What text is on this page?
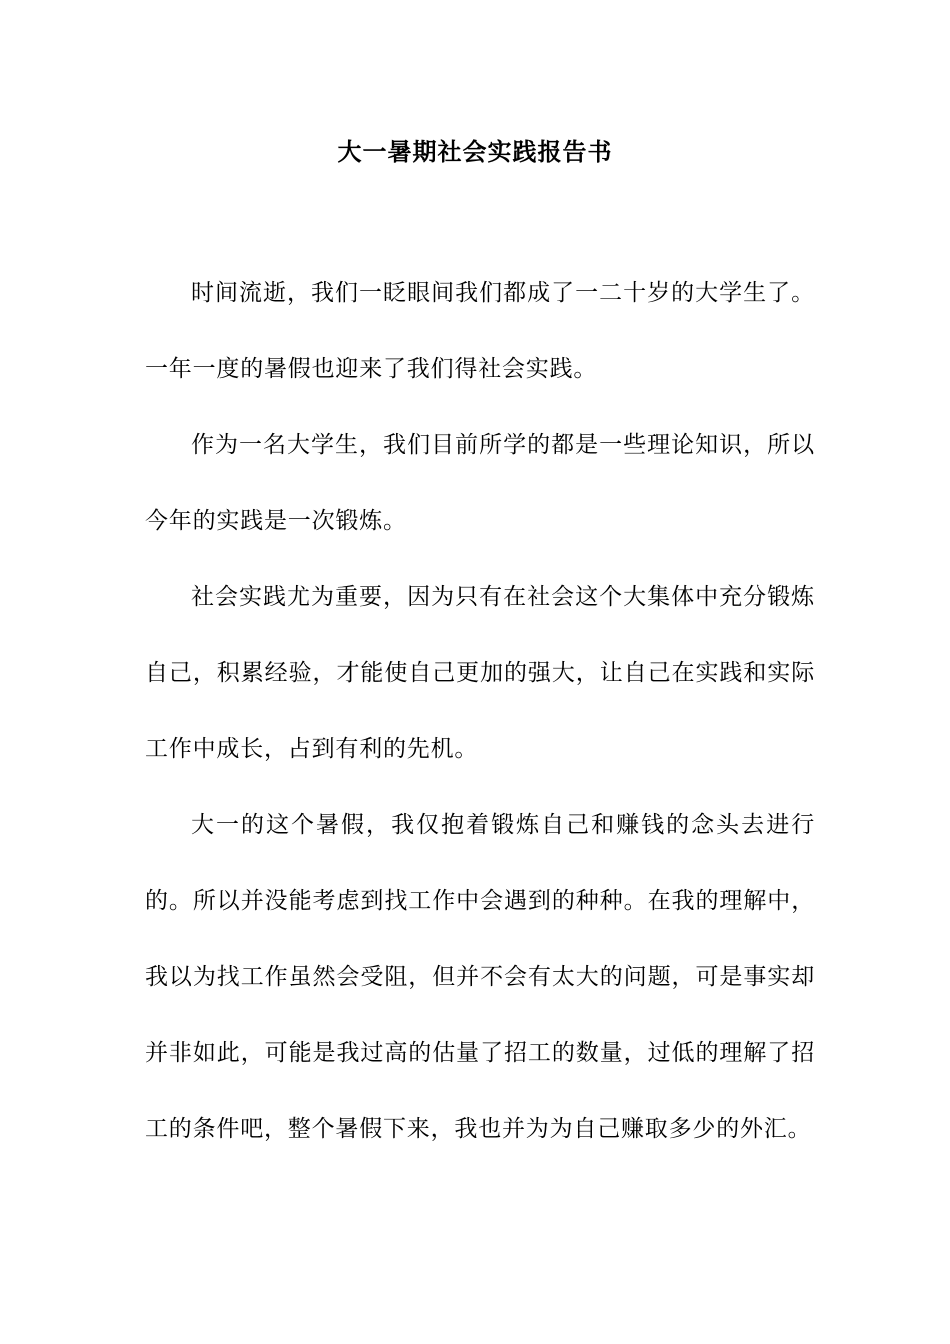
大一暑期社会实践报告书

时间流逝，我们一眨眼间我们都成了一二十岁的大学生了。一年一度的暑假也迎来了我们得社会实践。

作为一名大学生，我们目前所学的都是一些理论知识，所以今年的实践是一次锻炼。

社会实践尤为重要，因为只有在社会这个大集体中充分锻炼自己，积累经验，才能使自己更加的强大，让自己在实践和实际工作中成长，占到有利的先机。

大一的这个暑假，我仅抱着锻炼自己和赚钱的念头去进行的。所以并没能考虑到找工作中会遇到的种种。在我的理解中，我以为找工作虽然会受阻，但并不会有太大的问题，可是事实却并非如此，可能是我过高的估量了招工的数量，过低的理解了招工的条件吧，整个暑假下来，我也并为为自己赚取多少的外汇。
